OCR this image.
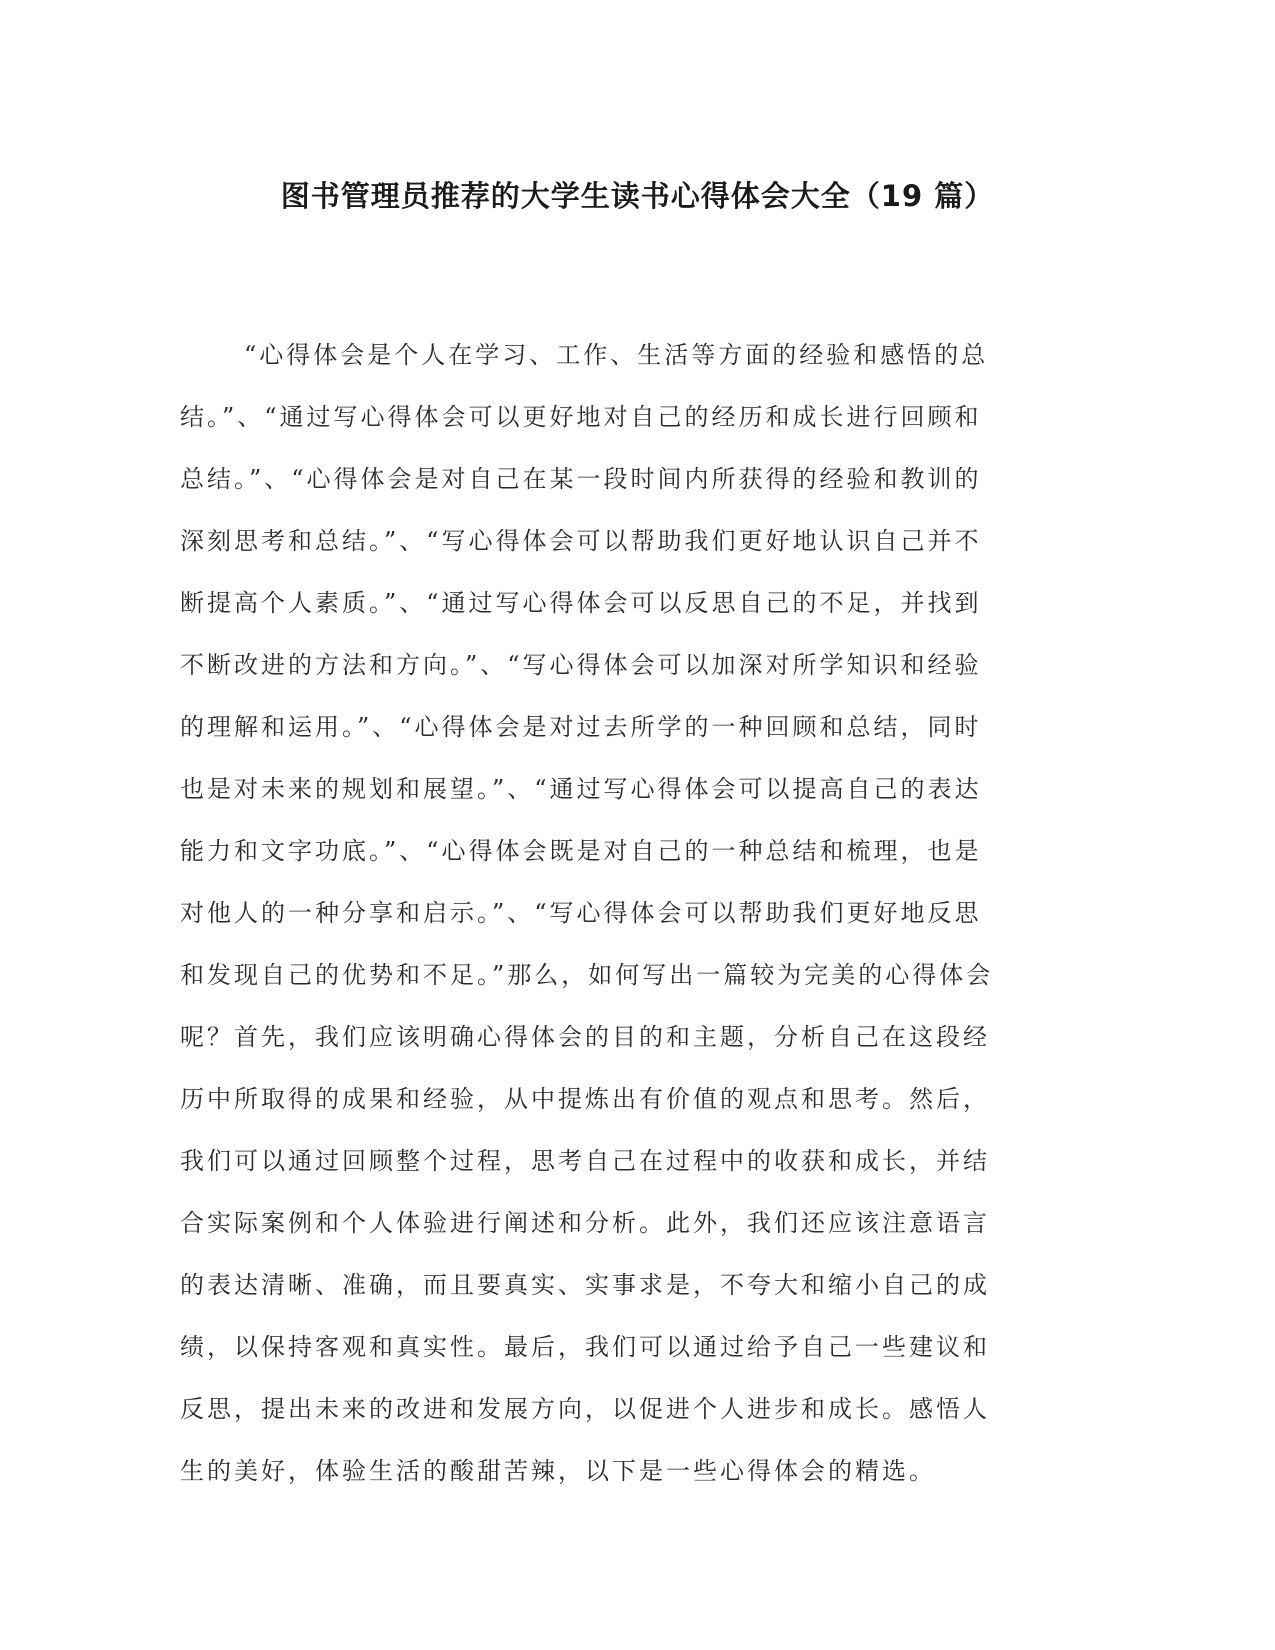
图书管理员推荐的大学生读书心得体会大全（19 篇）
“心得体会是个人在学习、工作、生活等方面的经验和感悟的总
结。”、“通过写心得体会可以更好地对自己的经历和成长进行回顾和
总结。”、“心得体会是对自己在某一段时间内所获得的经验和教训的
深刻思考和总结。”、“写心得体会可以帮助我们更好地认识自己并不
断提高个人素质。”、“通过写心得体会可以反思自己的不足，并找到
不断改进的方法和方向。”、“写心得体会可以加深对所学知识和经验
的理解和运用。”、“心得体会是对过去所学的一种回顾和总结，同时
也是对未来的规划和展望。”、“通过写心得体会可以提高自己的表达
能力和文字功底。”、“心得体会既是对自己的一种总结和梳理，也是
对他人的一种分享和启示。”、“写心得体会可以帮助我们更好地反思
和发现自己的优势和不足。”那么，如何写出一篇较为完美的心得体会
呢？首先，我们应该明确心得体会的目的和主题，分析自己在这段经
历中所取得的成果和经验，从中提炼出有价值的观点和思考。然后，
我们可以通过回顾整个过程，思考自己在过程中的收获和成长，并结
合实际案例和个人体验进行阐述和分析。此外，我们还应该注意语言
的表达清晰、准确，而且要真实、实事求是，不夸大和缩小自己的成
绩，以保持客观和真实性。最后，我们可以通过给予自己一些建议和
反思，提出未来的改进和发展方向，以促进个人进步和成长。感悟人
生的美好，体验生活的酸甜苦辣，以下是一些心得体会的精选。
